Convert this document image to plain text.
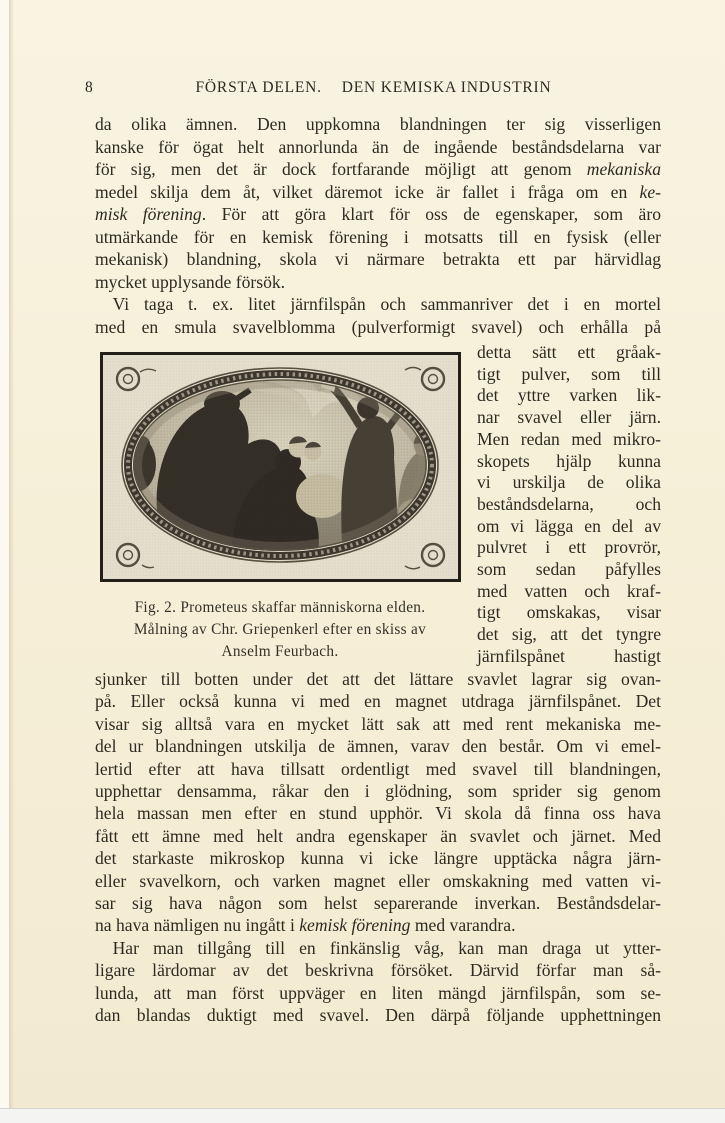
8	FÖRSTA DELEN. DEN KEMISKA INDUSTRIN
da olika ämnen. Den uppkomna blandningen ter sig visserligen
kanske för ögat helt annorlunda än de ingående beståndsdelarna var
för sig, men det är dock fortfarande möjligt att genom mekaniska
medel skilja dem åt, vilket däremot icke är fallet i fråga om en ke-
misk förening. För att göra klart för oss de egenskaper, som äro
utmärkande för en kemisk förening i motsatts till en fysisk (eller
mekanisk) blandning, skola vi närmare betrakta ett par härvidlag
mycket upplysande försök.
 Vi taga t. ex. litet järnfilspån och sammanriver det i en mortel
med en smula svavelblomma (pulverformigt svavel) och erhålla på
detta sätt ett gråak-
tigt pulver, som till
det yttre varken lik-
nar svavel eller järn.
Men redan med mikro-
skopets hjälp kunna
vi urskilja de olika
beståndsdelarna, och
om vi lägga en del av
pulvret i ett provrör,
som sedan påfylles
med vatten och kraf-
tigt omskakas, visar
det sig, att det tyngre
järnfilspånet hastigt
Fig. 2. Prometeus skaffar människorna elden.
Målning av Chr. Griepenkerl efter en skiss av
Anselm Feurbach.
sjunker till botten under det att det lättare svavlet lagrar sig ovan-
på. Eller också kunna vi med en magnet utdraga järnfilspånet. Det
visar sig alltså vara en mycket lätt sak att med rent mekaniska me-
del ur blandningen utskilja de ämnen, varav den består. Om vi emel-
lertid efter att hava tillsatt ordentligt med svavel till blandningen,
upphettar densamma, råkar den i glödning, som sprider sig genom
hela massan men efter en stund upphör. Vi skola då finna oss hava
fått ett ämne med helt andra egenskaper än svavlet och järnet. Med
det starkaste mikroskop kunna vi icke längre upptäcka några järn-
eller svavelkorn, och varken magnet eller omskakning med vatten vi-
sar sig hava någon som helst separerande inverkan. Beståndsdelar-
na hava nämligen nu ingått i kemisk förening med varandra.
 Har man tillgång till en finkänslig våg, kan man draga ut ytter-
ligare lärdomar av det beskrivna försöket. Därvid förfar man så-
lunda, att man först uppväger en liten mängd järnfilspån, som se-
dan blandas duktigt med svavel. Den därpå följande upphettningen
